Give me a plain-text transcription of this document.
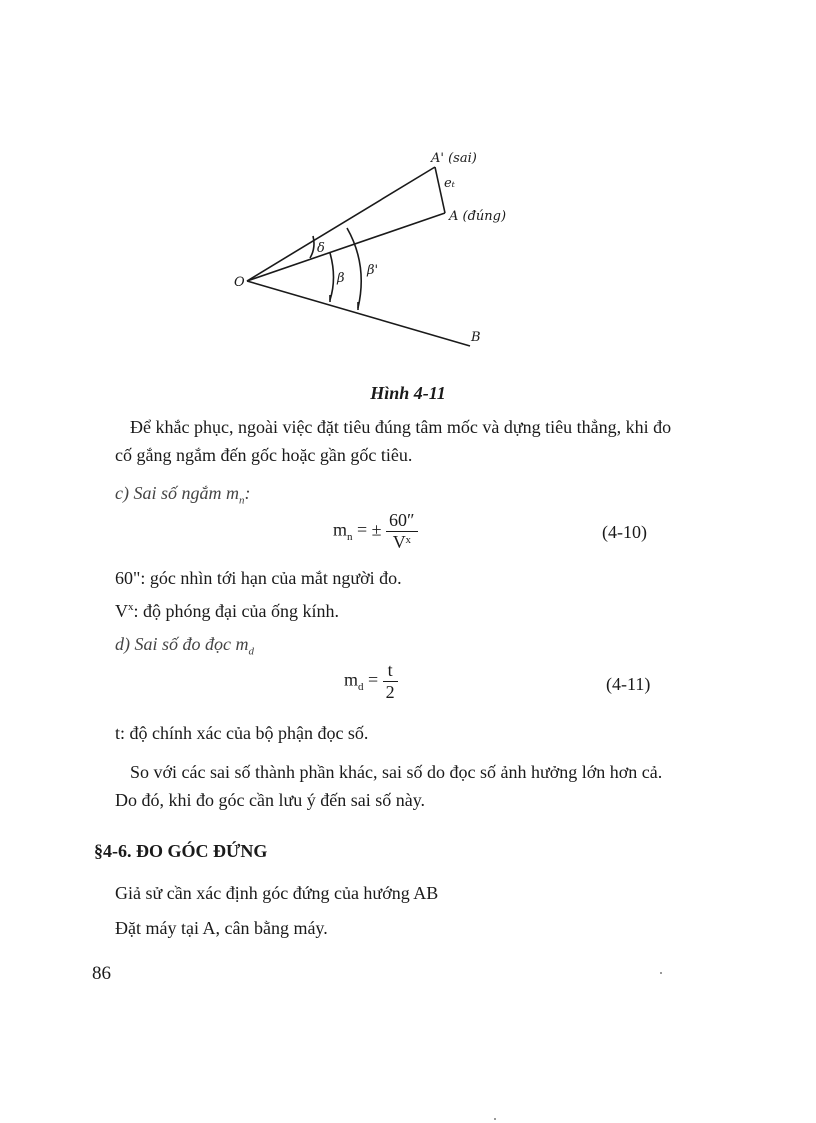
O
A' (sai)
A (đúng)
B
eₜ
δ
β
β'
Hình 4-11
Để khắc phục, ngoài việc đặt tiêu đúng tâm mốc và dựng tiêu thẳng, khi đo cố gắng ngắm đến gốc hoặc gần gốc tiêu.
c) Sai số ngắm $m_n$:
$m_n$ = ± $\frac{60''}{\text{Vˣ}}$	(4-10)
60": góc nhìn tới hạn của mắt người đo.
$V^x$: độ phóng đại của ống kính.
d) Sai số đo đọc $m_d$
$m_d = \frac{t}{2}$	(4-11)
t: độ chính xác của bộ phận đọc số.
So với các sai số thành phần khác, sai số do đọc số ảnh hưởng lớn hơn cả. Do đó, khi đo góc cần lưu ý đến sai số này.
§4-6. ĐO GÓC ĐỨNG
Giả sử cần xác định góc đứng của hướng AB
Đặt máy tại A, cân bằng máy.
86
